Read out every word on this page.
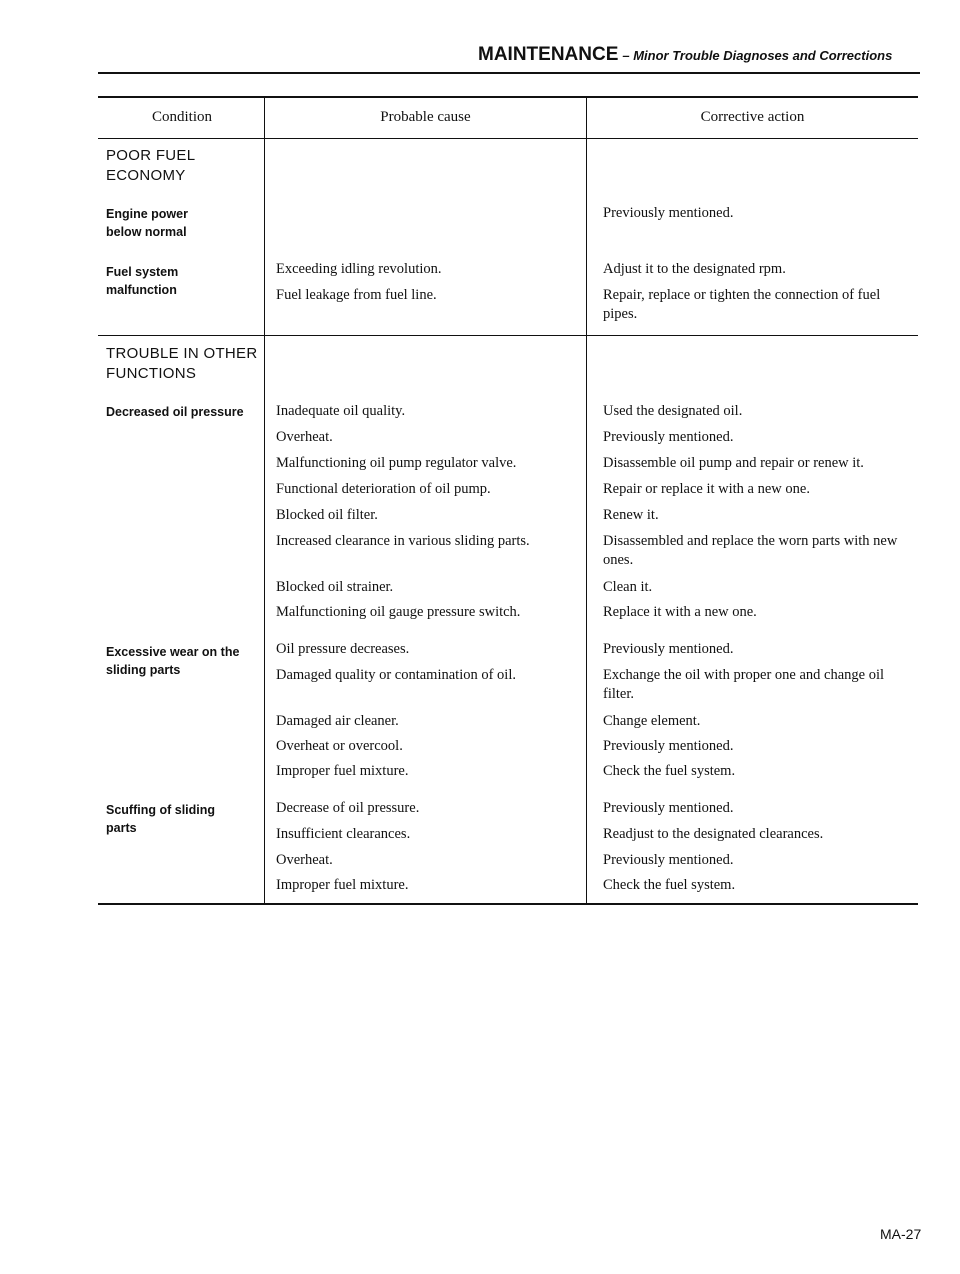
MAINTENANCE – Minor Trouble Diagnoses and Corrections
Condition	Probable cause	Corrective action
POOR FUEL
ECONOMY
Engine power
below normal
Previously mentioned.
Fuel system
malfunction
Exceeding idling revolution.
Fuel leakage from fuel line.
Adjust it to the designated rpm.
Repair, replace or tighten the connection of fuel pipes.
TROUBLE IN OTHER
FUNCTIONS
Decreased oil pressure Inadequate oil quality.
Overheat.
Malfunctioning oil pump regulator valve.
Functional deterioration of oil pump.
Blocked oil filter.
Increased clearance in various sliding parts.
Blocked oil strainer.
Malfunctioning oil gauge pressure switch.
Used the designated oil.
Previously mentioned.
Disassemble oil pump and repair or renew it.
Repair or replace it with a new one.
Renew it.
Disassembled and replace the worn parts with new ones.
Clean it.
Replace it with a new one.
Excessive wear on the
sliding parts
Oil pressure decreases.
Damaged quality or contamination of oil.
Damaged air cleaner.
Overheat or overcool.
Improper fuel mixture.
Previously mentioned.
Exchange the oil with proper one and change oil filter.
Change element.
Previously mentioned.
Check the fuel system.
Scuffing of sliding
parts
Decrease of oil pressure.
Insufficient clearances.
Overheat.
Improper fuel mixture.
Previously mentioned.
Readjust to the designated clearances.
Previously mentioned.
Check the fuel system.
MA-27
